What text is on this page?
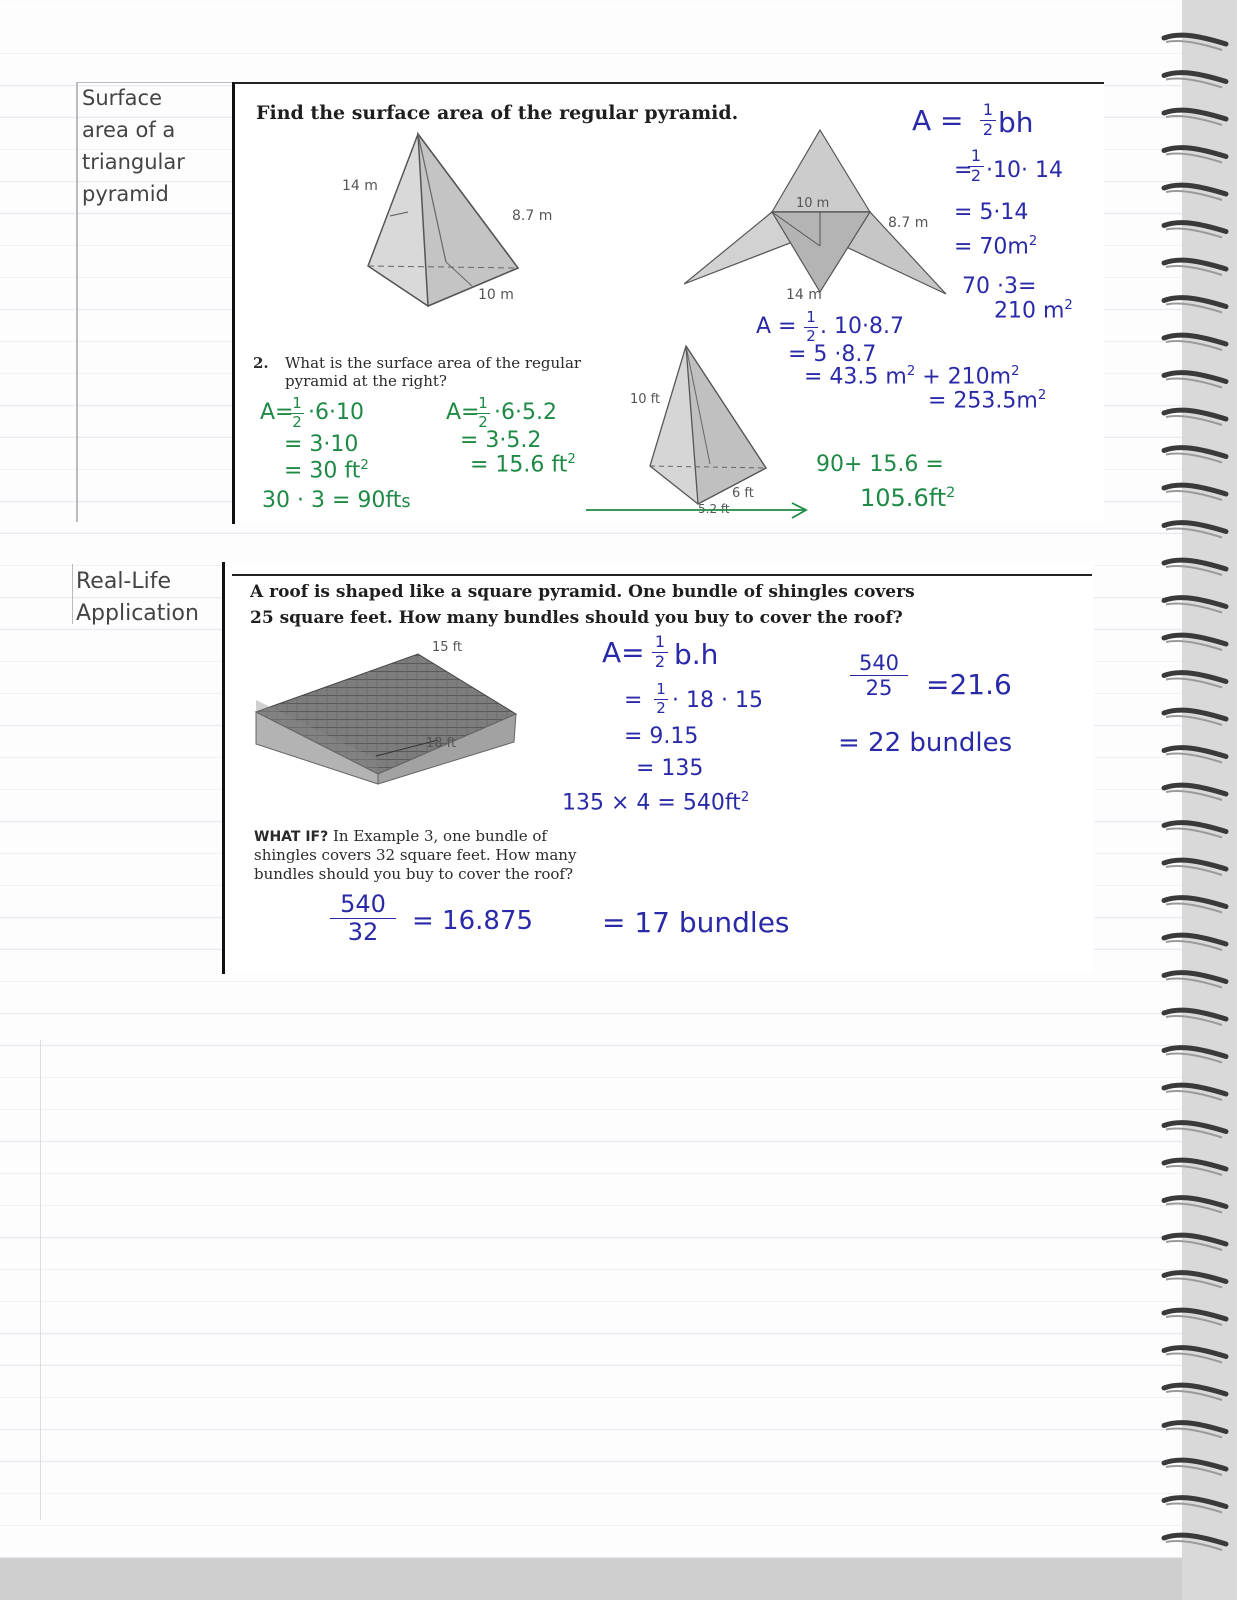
Surface
area of a
triangular
pyramid
Find the surface area of the regular pyramid.
14 m
8.7 m
10 m
10 m
8.7 m
14 m
A = 1
2 bh
=
1
2 ·10· 14
= 5·14
= $70m^2$
70 ·3=
210 $m^2$
A = 1
2 . 10·8.7
= 5 ·8.7
= 43.5 $m^2 + 210m^2$
= $253.5m^2$
2. What is the surface area of the regular
pyramid at the right?
10 ft
6 ft
5.2 ft
A=
1
2 ·6·10
= 3·10
= 30 $ft^2$
30 · 3 = 90fts
A=
1
2 ·6·5.2
= 3·5.2
= 15.6 $ft^2$	90+ 15.6 =
$105.6ft^2$
Real-Life
Application
A roof is shaped like a square pyramid. One bundle of shingles covers
25 square feet. How many bundles should you buy to cover the roof?
15 ft
18 ft
A= 1
2 b.h
= 1
2 · 18 · 15
= 9.15
= 135
$135 \times 4 = 540ft^2$
540
25	=21.6
= 22 bundles
WHAT IF? In Example 3, one bundle of
shingles covers 32 square feet. How many
bundles should you buy to cover the roof?
540
32	= 16.875 = 17 bundles
